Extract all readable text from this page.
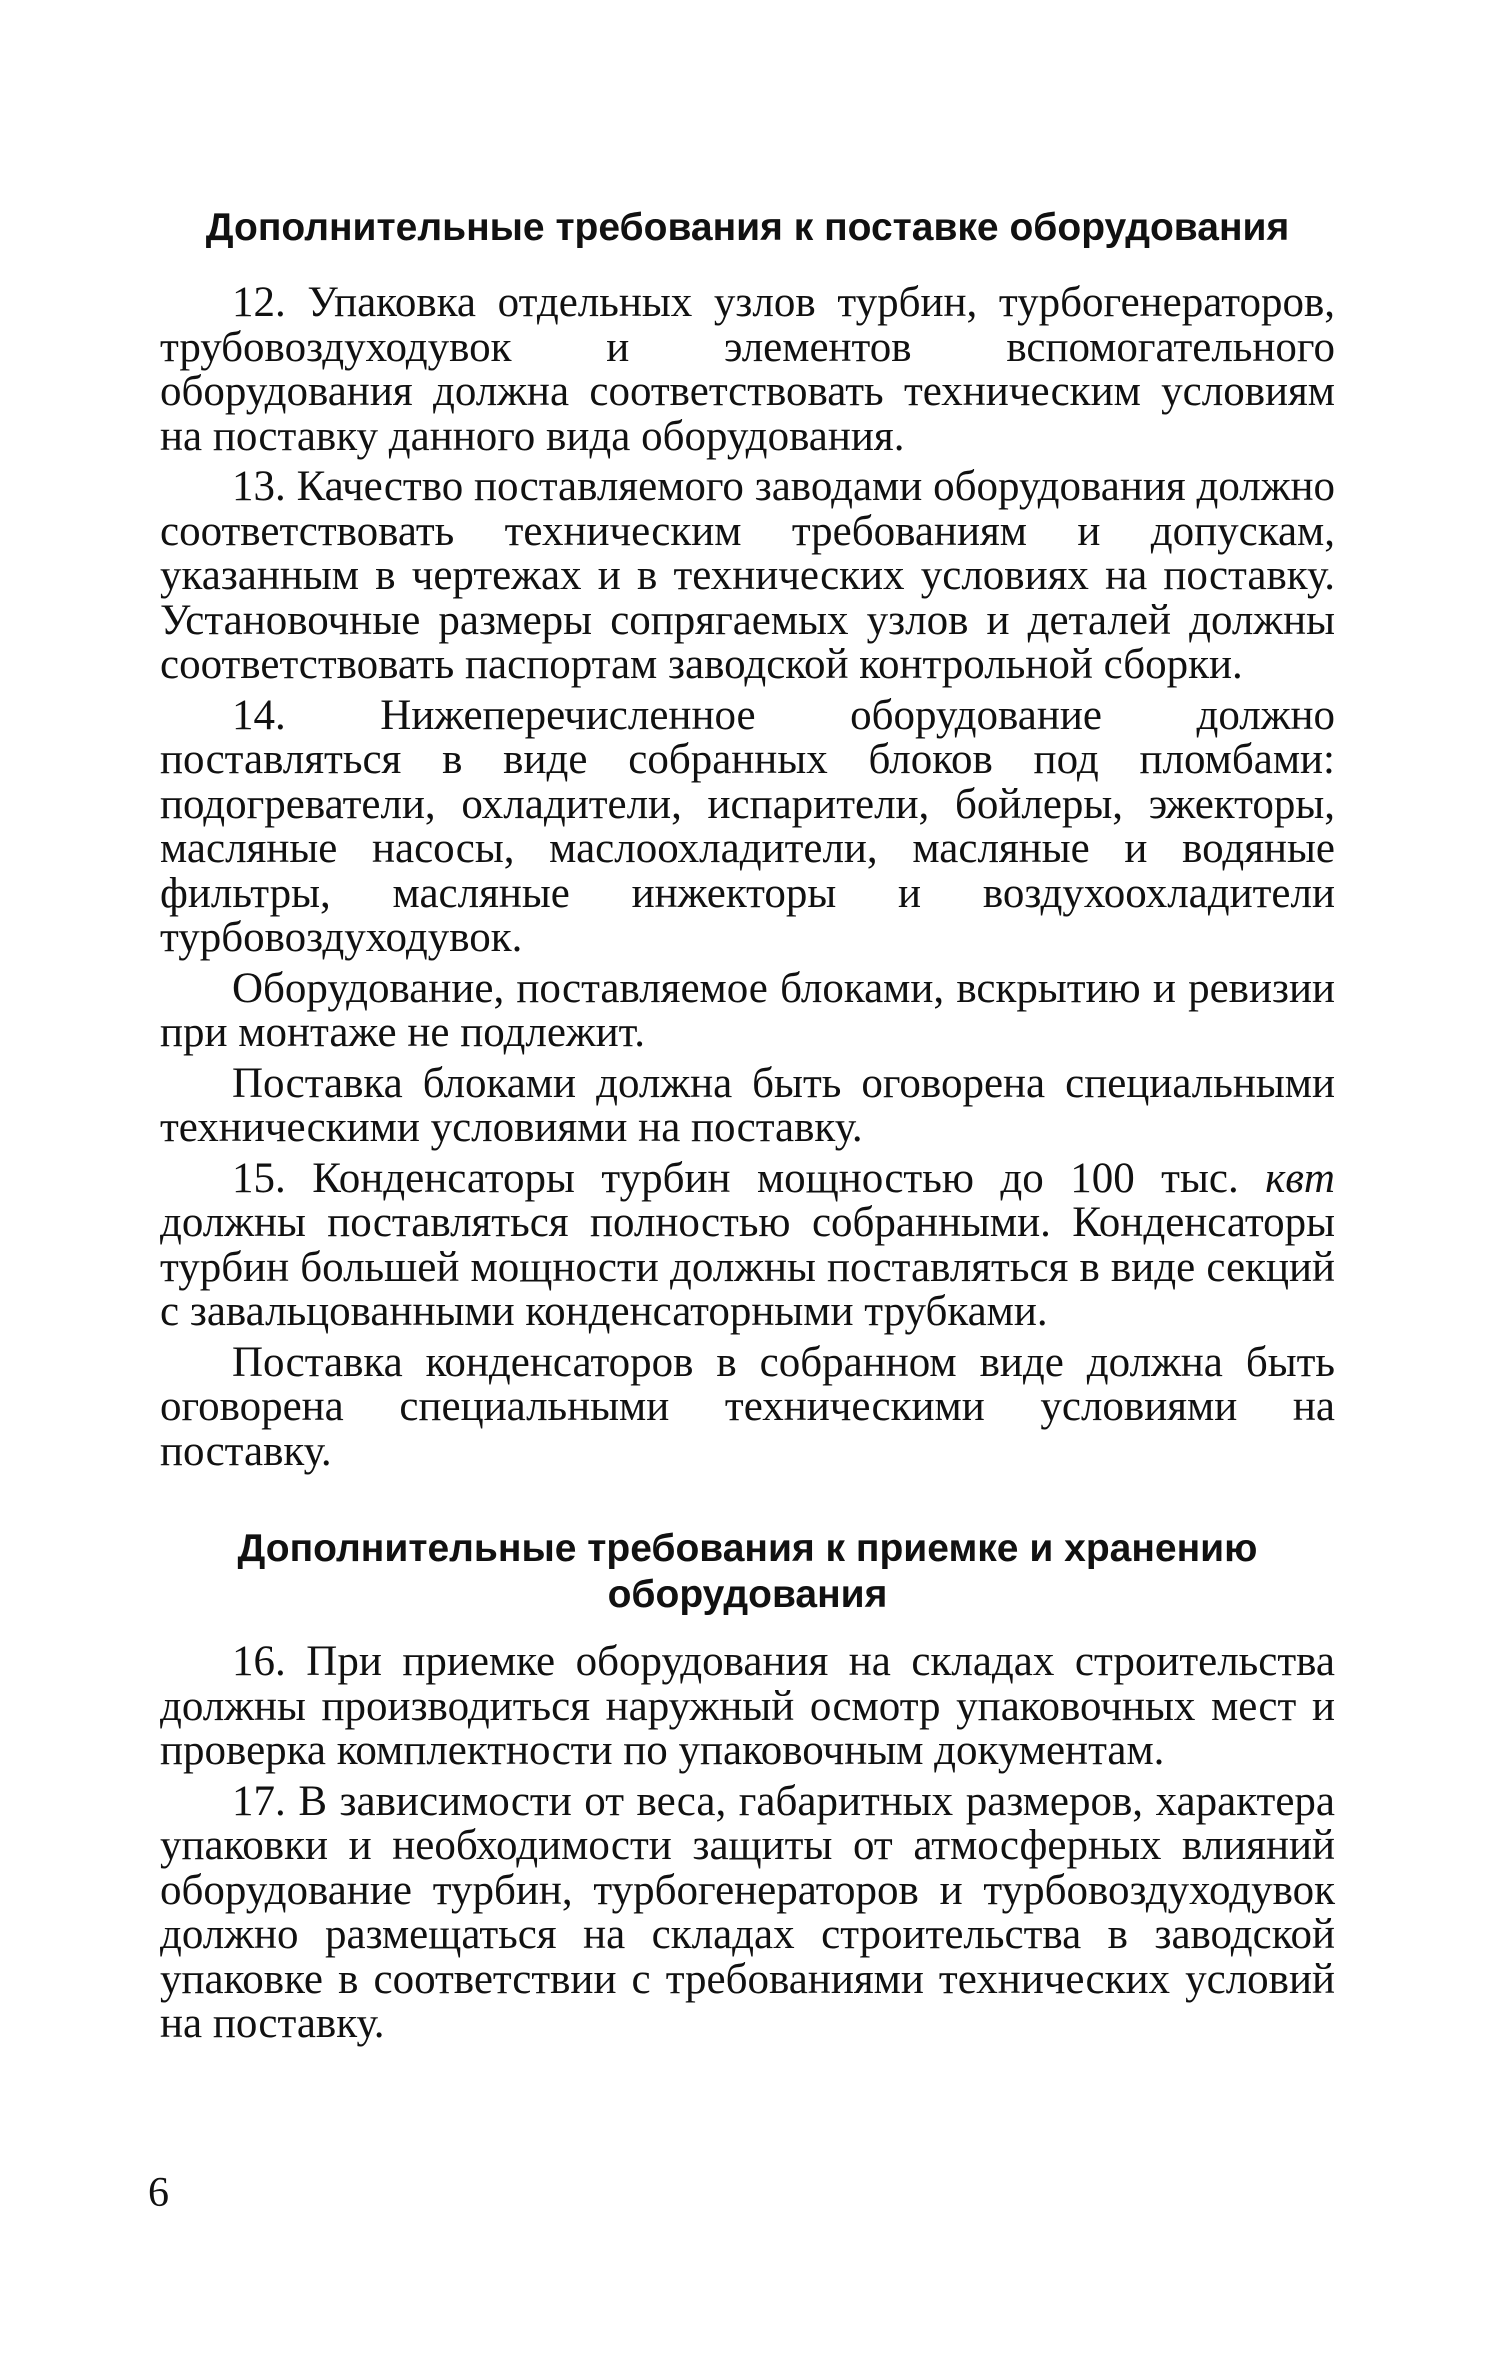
Дополнительные требования к поставке оборудования

12. Упаковка отдельных узлов турбин, турбогенераторов, трубовоздуходувок и элементов вспомогательного оборудования должна соответствовать техническим условиям на поставку данного вида оборудования.

13. Качество поставляемого заводами оборудования должно соответствовать техническим требованиям и допускам, указанным в чертежах и в технических условиях на поставку. Установочные размеры сопрягаемых узлов и деталей должны соответствовать паспортам заводской контрольной сборки.

14. Нижеперечисленное оборудование должно поставляться в виде собранных блоков под пломбами: подогреватели, охладители, испарители, бойлеры, эжекторы, масляные насосы, маслоохладители, масляные и водяные фильтры, масляные инжекторы и воздухоохладители турбовоздуходувок.

Оборудование, поставляемое блоками, вскрытию и ревизии при монтаже не подлежит.

Поставка блоками должна быть оговорена специальными техническими условиями на поставку.

15. Конденсаторы турбин мощностью до 100 тыс. квт должны поставляться полностью собранными. Конденсаторы турбин большей мощности должны поставляться в виде секций с завальцованными конденсаторными трубками.

Поставка конденсаторов в собранном виде должна быть оговорена специальными техническими условиями на поставку.

Дополнительные требования к приемке и хранению
оборудования

16. При приемке оборудования на складах строительства должны производиться наружный осмотр упаковочных мест и проверка комплектности по упаковочным документам.

17. В зависимости от веса, габаритных размеров, характера упаковки и необходимости защиты от атмосферных влияний оборудование турбин, турбогенераторов и турбовоздуходувок должно размещаться на складах строительства в заводской упаковке в соответствии с требованиями технических условий на поставку.

6
